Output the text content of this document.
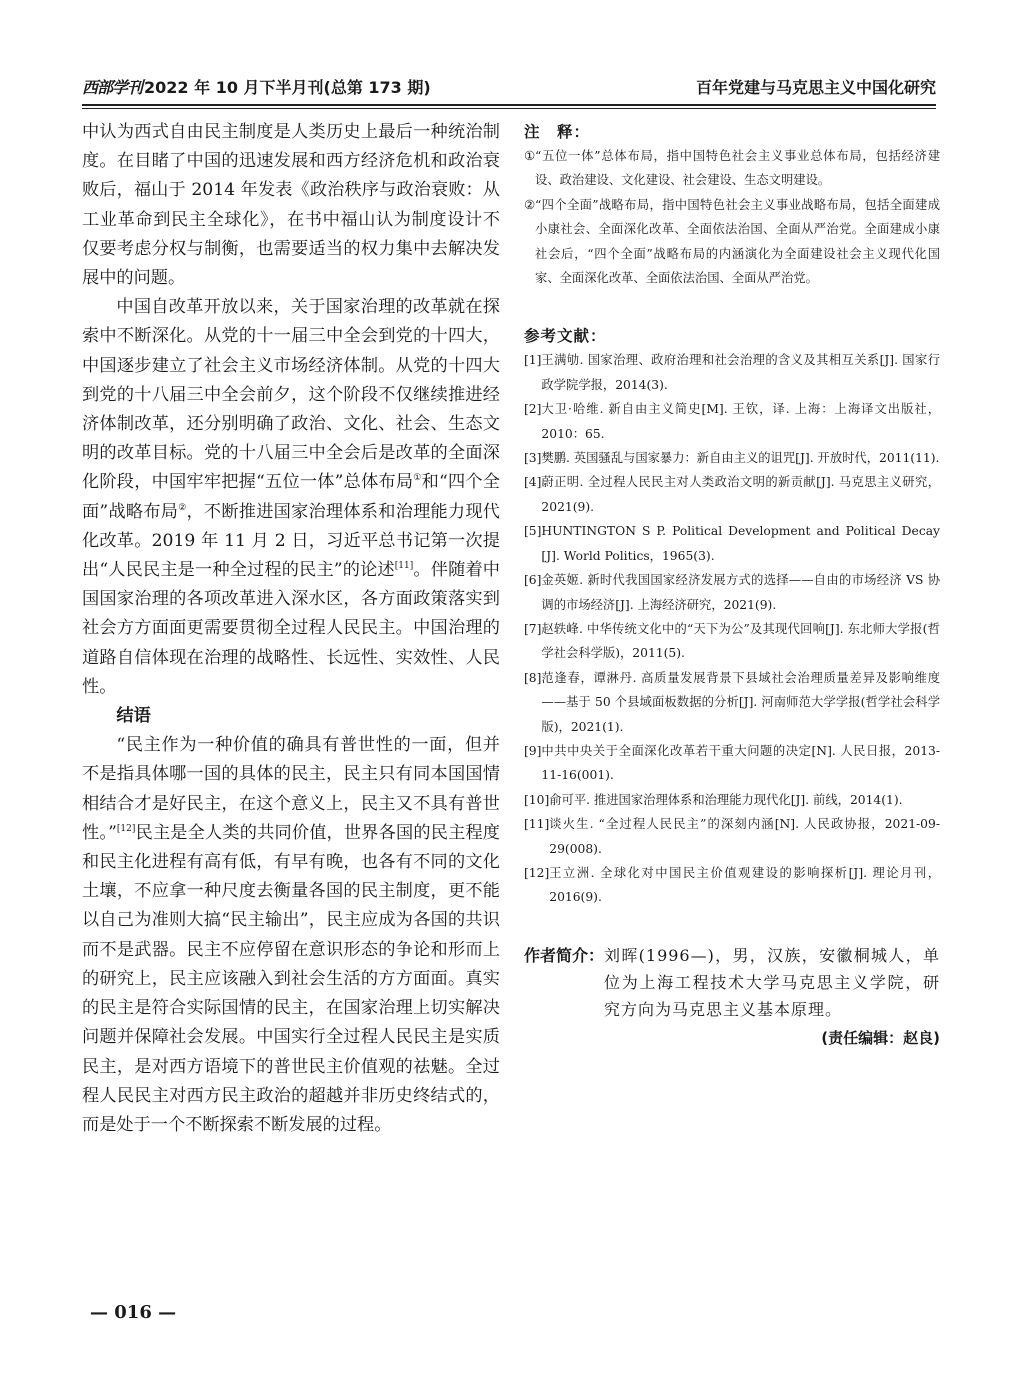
西部学刊 2022 年 10 月下半月刊(总第 173 期)	百年党建与马克思主义中国化研究

中认为西式自由民主制度是人类历史上最后一种统治制度。在目睹了中国的迅速发展和西方经济危机和政治衰败后，福山于 2014 年发表《政治秩序与政治衰败：从工业革命到民主全球化》，在书中福山认为制度设计不仅要考虑分权与制衡，也需要适当的权力集中去解决发展中的问题。

中国自改革开放以来，关于国家治理的改革就在探索中不断深化。从党的十一届三中全会到党的十四大，中国逐步建立了社会主义市场经济体制。从党的十四大到党的十八届三中全会前夕，这个阶段不仅继续推进经济体制改革，还分别明确了政治、文化、社会、生态文明的改革目标。党的十八届三中全会后是改革的全面深化阶段，中国牢牢把握“五位一体”总体布局①和“四个全面”战略布局②，不断推进国家治理体系和治理能力现代化改革。2019 年 11 月 2 日，习近平总书记第一次提出“人民民主是一种全过程的民主”的论述[11]。伴随着中国国家治理的各项改革进入深水区，各方面政策落实到社会方方面面更需要贯彻全过程人民民主。中国治理的道路自信体现在治理的战略性、长远性、实效性、人民性。

结语

“民主作为一种价值的确具有普世性的一面，但并不是指具体哪一国的具体的民主，民主只有同本国国情相结合才是好民主，在这个意义上，民主又不具有普世性。”[12]民主是全人类的共同价值，世界各国的民主程度和民主化进程有高有低，有早有晚，也各有不同的文化土壤，不应拿一种尺度去衡量各国的民主制度，更不能以自己为准则大搞“民主输出”，民主应成为各国的共识而不是武器。民主不应停留在意识形态的争论和形而上的研究上，民主应该融入到社会生活的方方面面。真实的民主是符合实际国情的民主，在国家治理上切实解决问题并保障社会发展。中国实行全过程人民民主是实质民主，是对西方语境下的普世民主价值观的祛魅。全过程人民民主对西方民主政治的超越并非历史终结式的，而是处于一个不断探索不断发展的过程。

注　释：
① “五位一体”总体布局，指中国特色社会主义事业总体布局，包括经济建设、政治建设、文化建设、社会建设、生态文明建设。
② “四个全面”战略布局，指中国特色社会主义事业战略布局，包括全面建成小康社会、全面深化改革、全面依法治国、全面从严治党。全面建成小康社会后，“四个全面”战略布局的内涵演化为全面建设社会主义现代化国家、全面深化改革、全面依法治国、全面从严治党。
参考文献：
[1] 王满劬. 国家治理、政府治理和社会治理的含义及其相互关系[J]. 国家行政学院学报，2014(3).
[2] 大卫·哈维. 新自由主义简史[M]. 王钦，译. 上海：上海译文出版社，2010：65.
[3] 樊鹏. 英国骚乱与国家暴力：新自由主义的诅咒[J]. 开放时代，2011(11).
[4] 蔚正明. 全过程人民民主对人类政治文明的新贡献[J]. 马克思主义研究，2021(9).
[5] HUNTINGTON S P. Political Development and Political Decay [J]. World Politics，1965(3).
[6] 金英姬. 新时代我国国家经济发展方式的选择——自由的市场经济 VS 协调的市场经济[J]. 上海经济研究，2021(9).
[7] 赵轶峰. 中华传统文化中的“天下为公”及其现代回响[J]. 东北师大学报(哲学社会科学版)，2011(5).
[8] 范逢春，谭淋丹. 高质量发展背景下县域社会治理质量差异及影响维度——基于 50 个县域面板数据的分析[J]. 河南师范大学学报(哲学社会科学版)，2021(1).
[9] 中共中央关于全面深化改革若干重大问题的决定[N]. 人民日报，2013-11-16(001).
[10] 俞可平. 推进国家治理体系和治理能力现代化[J]. 前线，2014(1).
[11] 谈火生. “全过程人民民主”的深刻内涵[N]. 人民政协报，2021-09-29(008).
[12] 王立洲. 全球化对中国民主价值观建设的影响探析[J]. 理论月刊，2016(9).
作者简介： 刘晖(1996—)，男，汉族，安徽桐城人，单位为上海工程技术大学马克思主义学院，研究方向为马克思主义基本原理。
(责任编辑：赵良)
— 016 —
